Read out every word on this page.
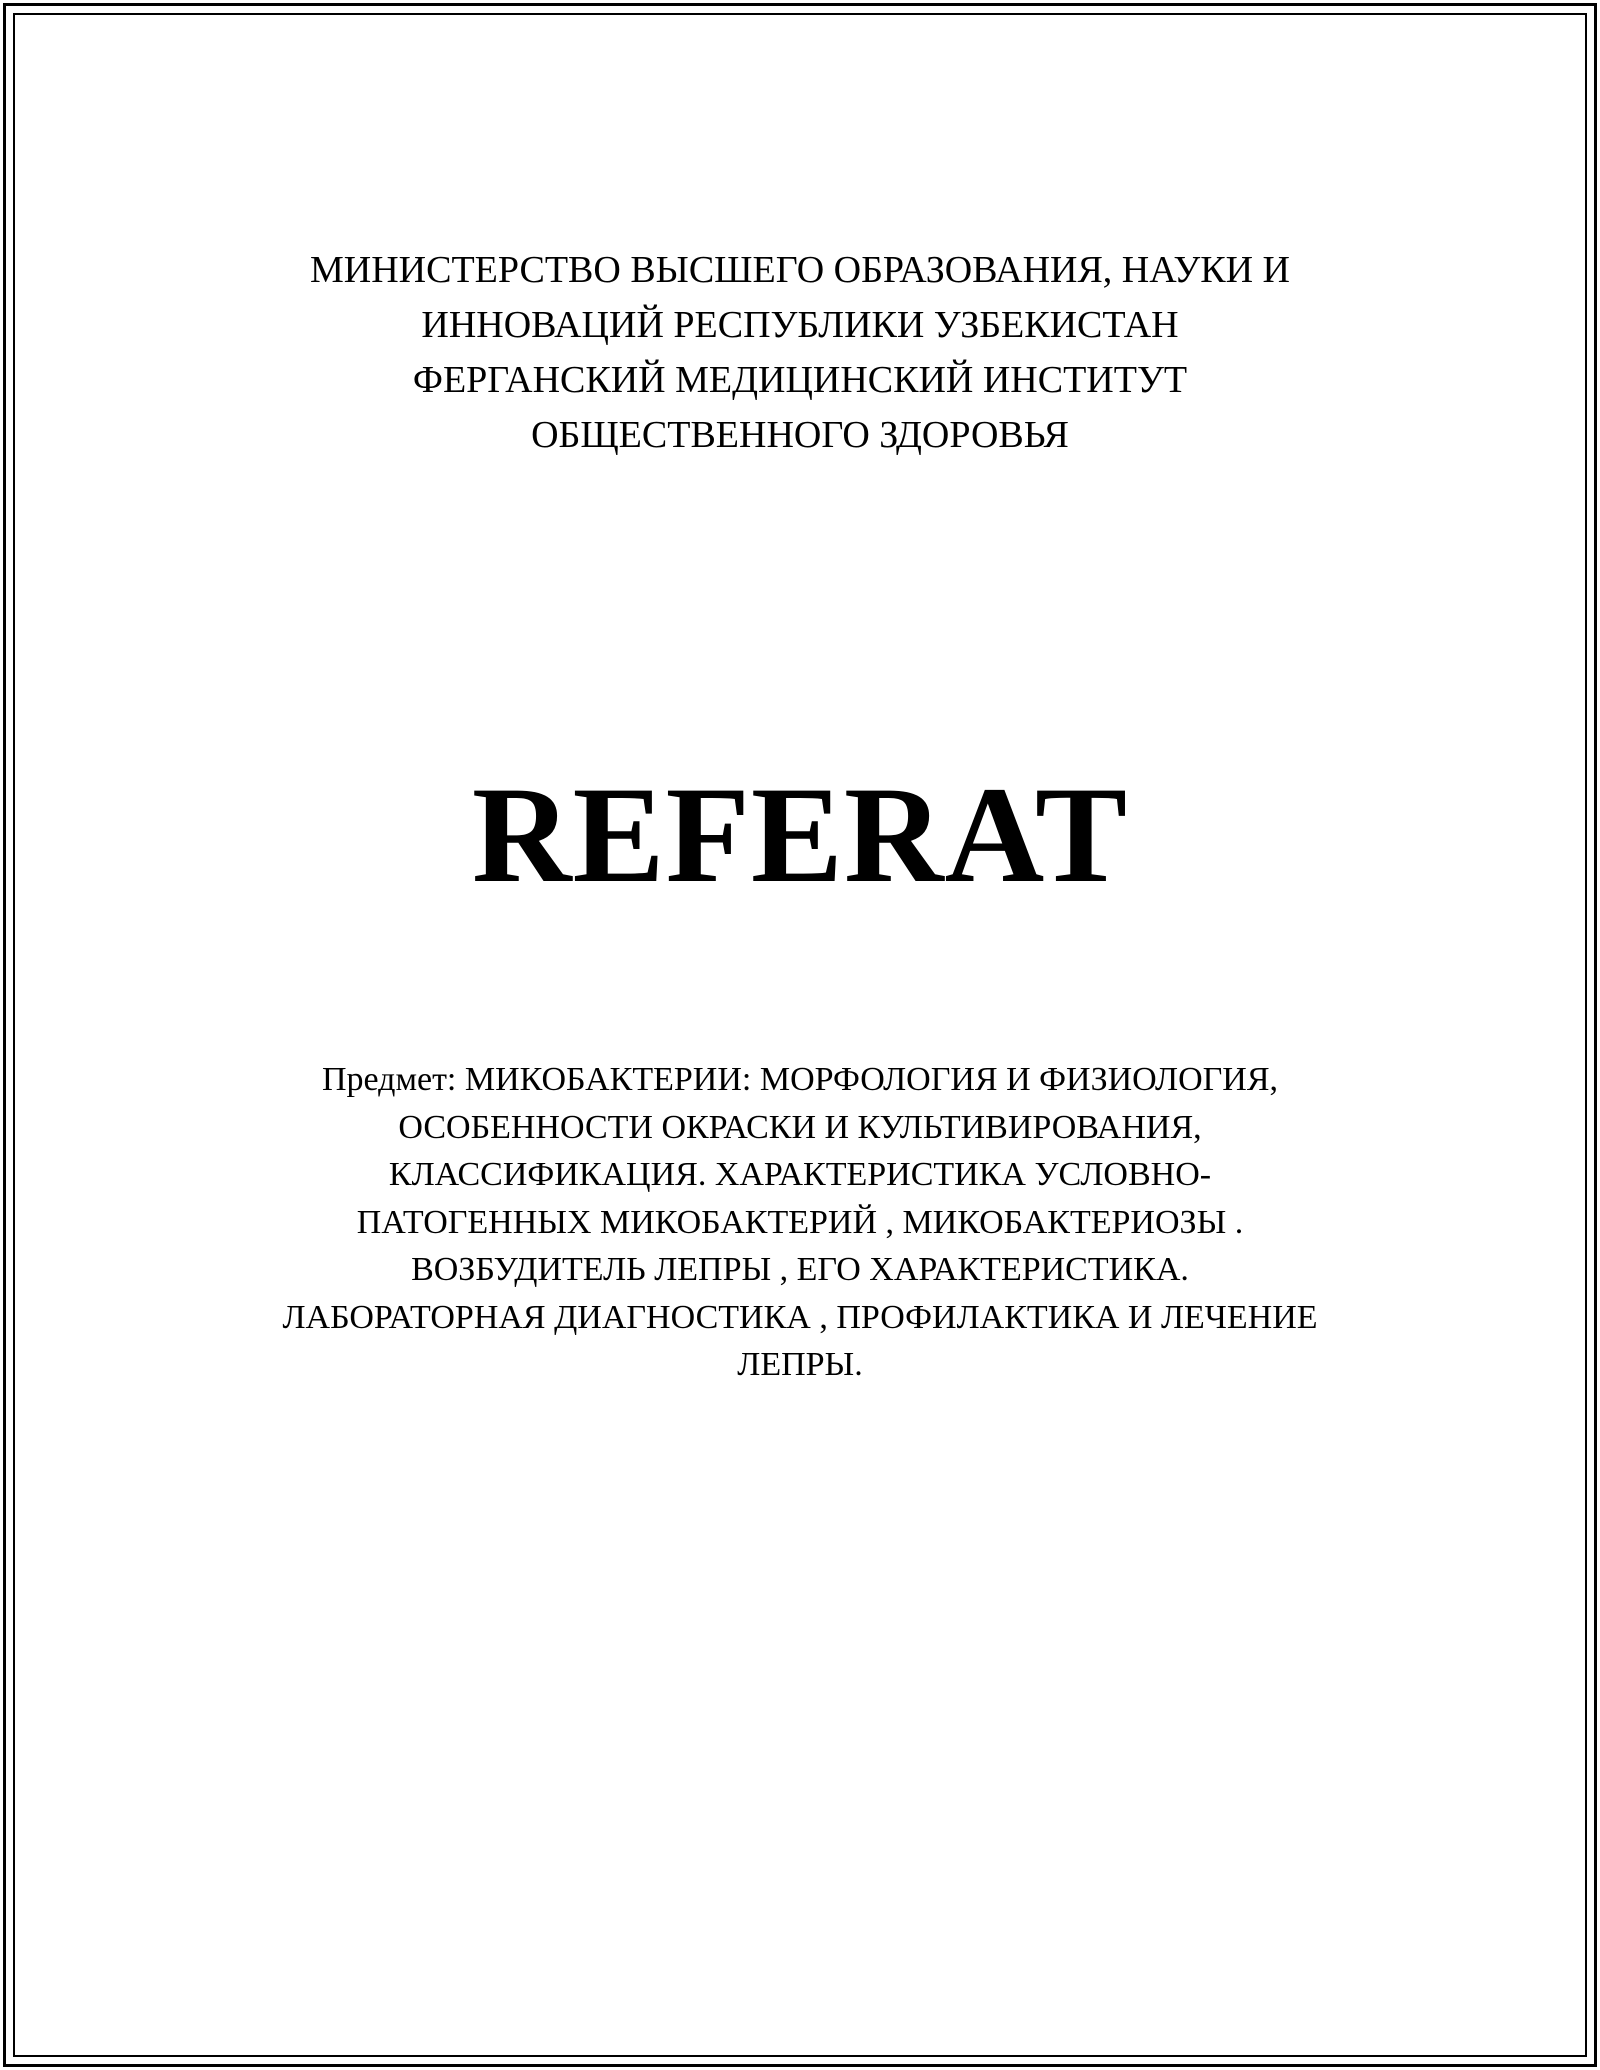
МИНИСТЕРСТВО ВЫСШЕГО ОБРАЗОВАНИЯ, НАУКИ И
ИННОВАЦИЙ РЕСПУБЛИКИ УЗБЕКИСТАН
ФЕРГАНСКИЙ МЕДИЦИНСКИЙ ИНСТИТУТ
ОБЩЕСТВЕННОГО ЗДОРОВЬЯ
REFERAT
Предмет: МИКОБАКТЕРИИ: МОРФОЛОГИЯ И ФИЗИОЛОГИЯ,
ОСОБЕННОСТИ ОКРАСКИ И КУЛЬТИВИРОВАНИЯ,
КЛАССИФИКАЦИЯ. ХАРАКТЕРИСТИКА УСЛОВНО-
ПАТОГЕННЫХ МИКОБАКТЕРИЙ , МИКОБАКТЕРИОЗЫ .
ВОЗБУДИТЕЛЬ ЛЕПРЫ , ЕГО ХАРАКТЕРИСТИКА.
ЛАБОРАТОРНАЯ ДИАГНОСТИКА , ПРОФИЛАКТИКА И ЛЕЧЕНИЕ
ЛЕПРЫ.
